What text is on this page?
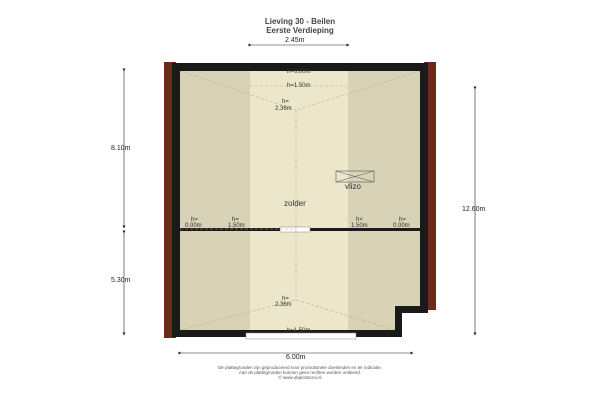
Lieving 30 - Beilen
Eerste Verdieping
2.45m
8.10m
5.30m
12.60m
6.00m
h=0.00m
h=1.50m
h=
2.36m
h=
0.00m
h=
1.50m
h<
1.50m
h=
0.00m
h=
2.36m
h=1.50m
zolder
vlizo
De plattegronden zijn geproduceerd voor promotionele doeleinden en ter indicatie.
Aan de plattegronden kunnen geen rechten worden ontleend.
© www.objectstoroi.nl
